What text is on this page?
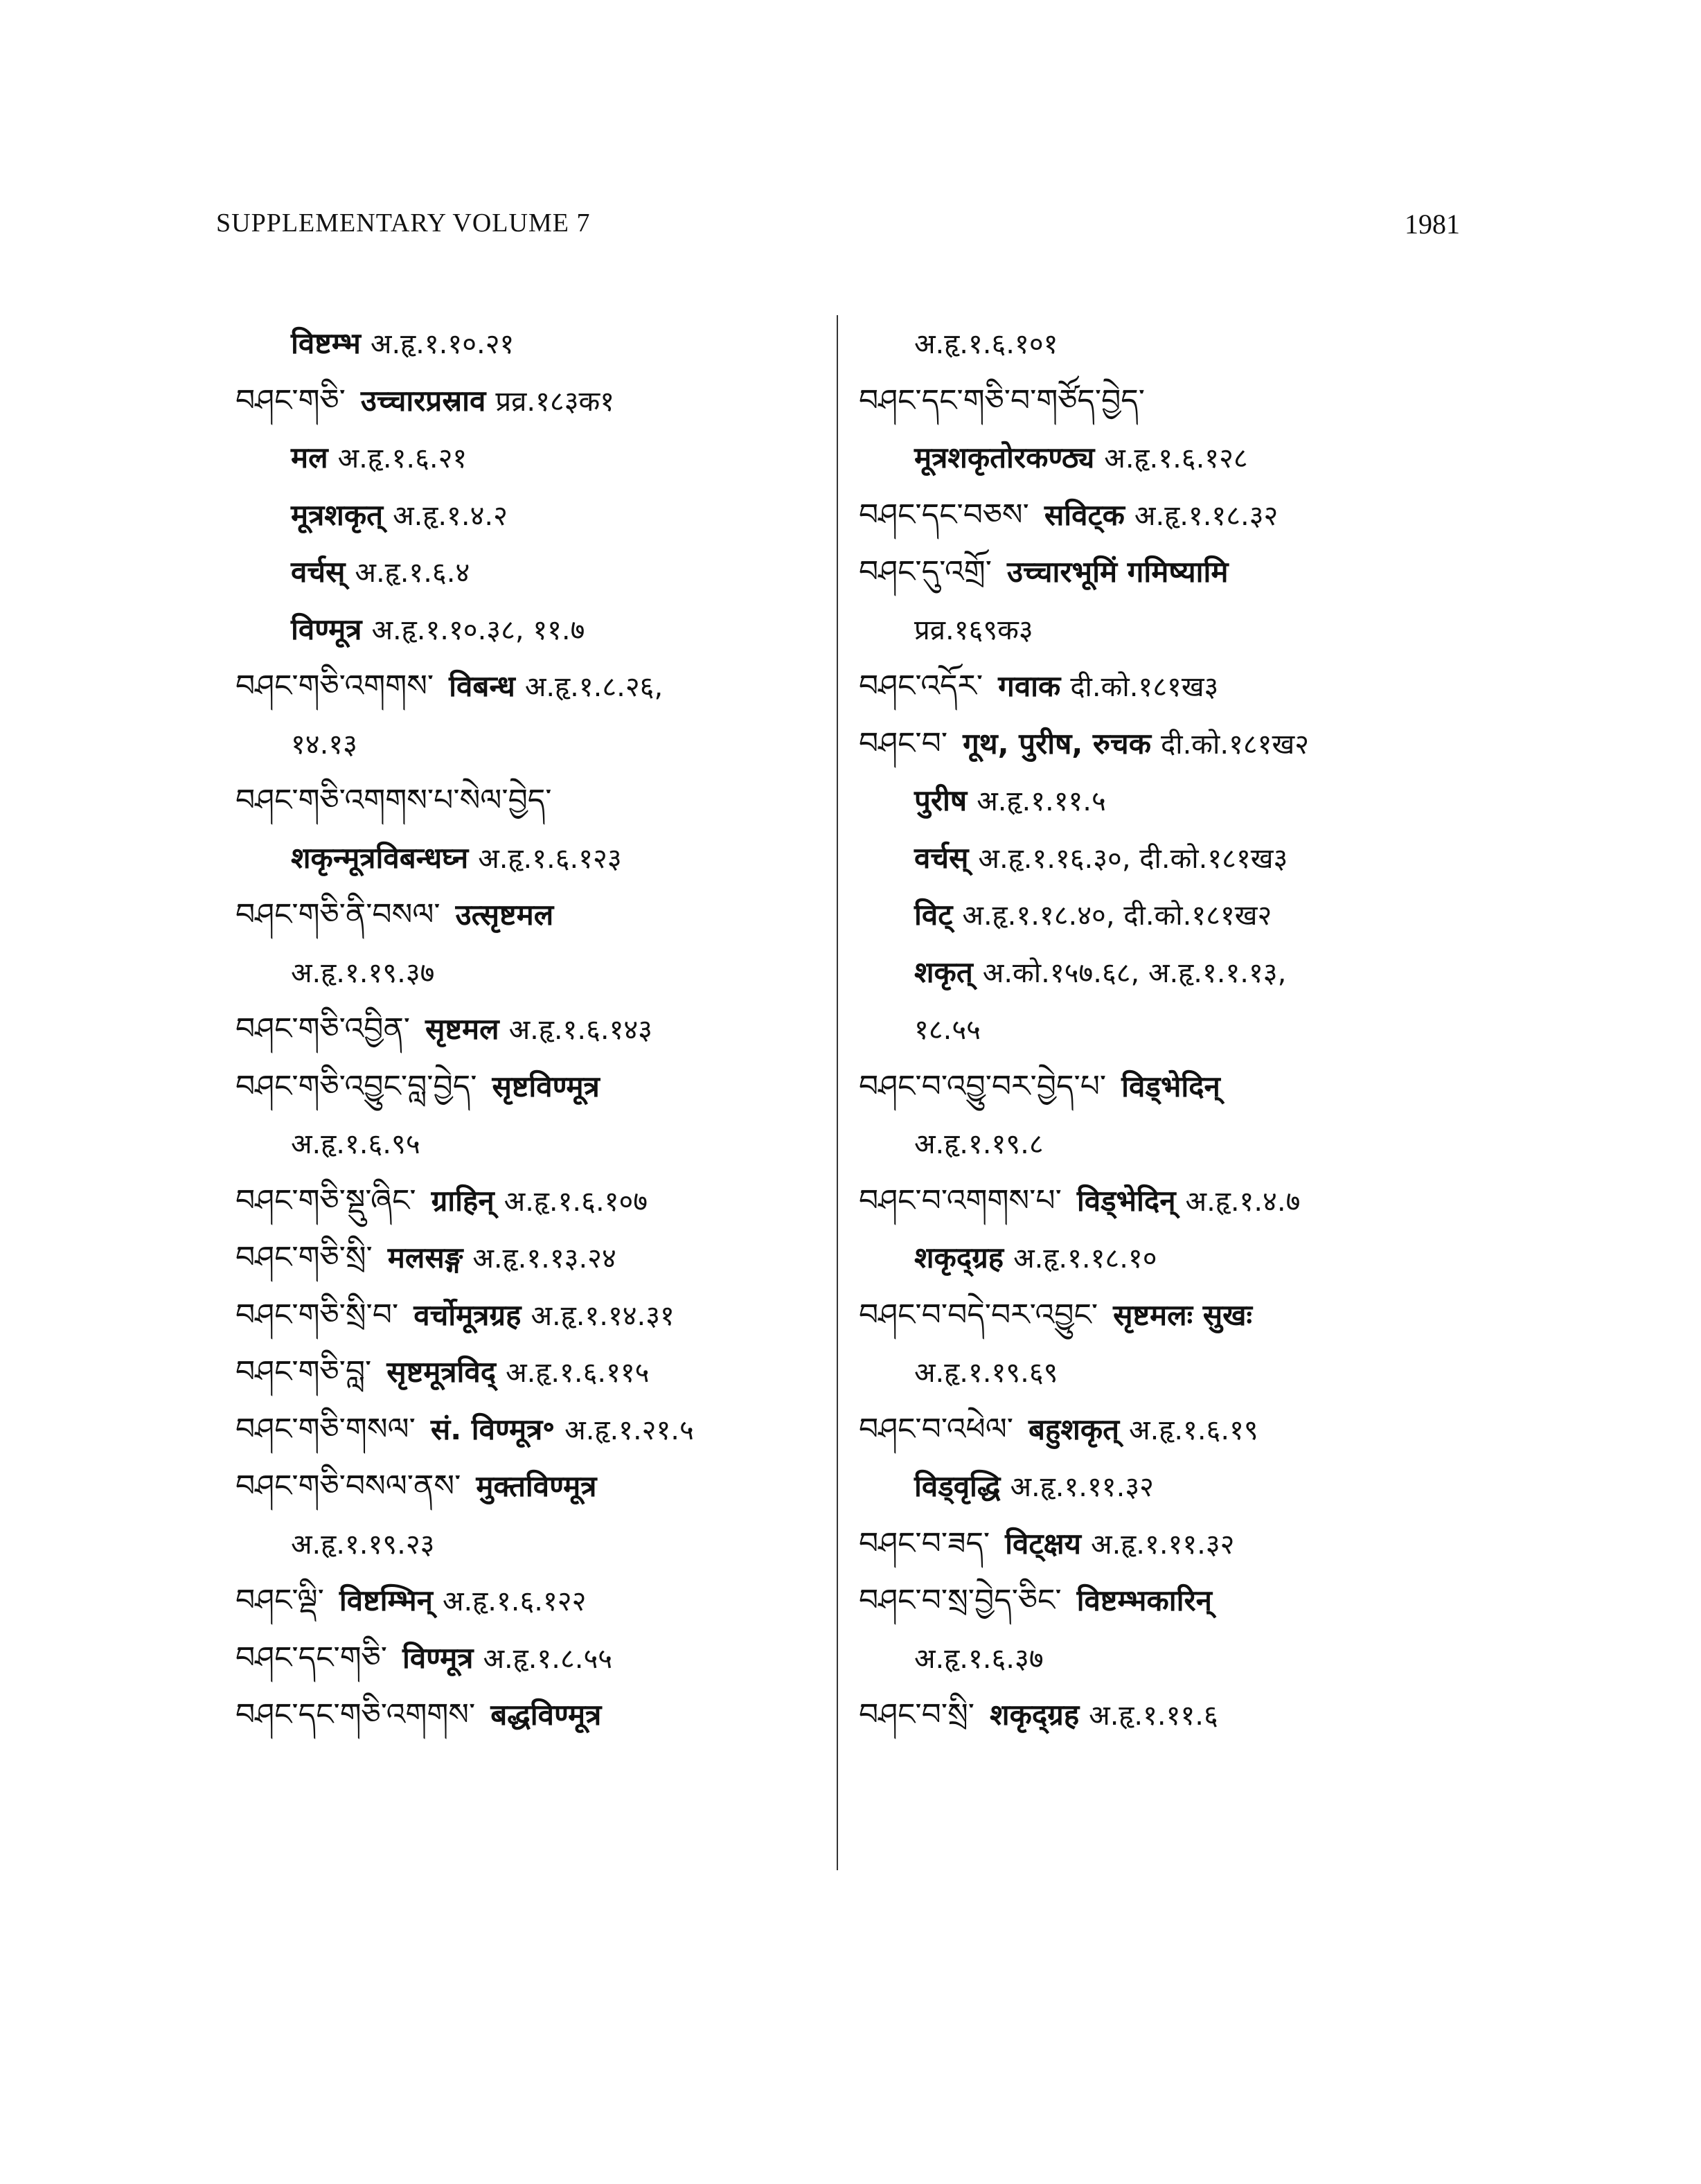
SUPPLEMENTARY VOLUME 7	1981
विष्टम्भ अ.हृ.१.१०.२१
བཤང་གཅི་ उच्चारप्रस्राव प्रव्र.१८३क१
मल अ.हृ.१.६.२१
मूत्रशकृत् अ.हृ.१.४.२
वर्चस् अ.हृ.१.६.४
विण्मूत्र अ.हृ.१.१०.३८, ११.७
བཤང་གཅི་འགགས་ विबन्ध अ.हृ.१.८.२६,
१४.१३
བཤང་གཅི་འགགས་པ་སེལ་བྱེད་
शकृन्मूत्रविबन्धघ्न अ.हृ.१.६.१२३
བཤང་གཅི་ནི་བསལ་ उत्सृष्टमल
अ.हृ.१.१९.३७
བཤང་གཅི་འབྱིན་ सृष्टमल अ.हृ.१.६.१४३
བཤང་གཅི་འབྱུང་བླ་བྱེད་ सृष्टविण्मूत्र
अ.हृ.१.६.९५
བཤང་གཅི་སྡུ་ཞིང་ ग्राहिन् अ.हृ.१.६.१०७
བཤང་གཅི་སྲི་ मलसङ्ग अ.हृ.१.१३.२४
བཤང་གཅི་སྲི་བ་ वर्चोमूत्रग्रह अ.हृ.१.१४.३१
བཤང་གཅི་བླ་ सृष्टमूत्रविद् अ.हृ.१.६.११५
བཤང་གཅི་གསལ་ सं. विण्मूत्र॰ अ.हृ.१.२१.५
བཤང་གཅི་བསལ་ནས་ मुक्तविण्मूत्र
अ.हृ.१.१९.२३
བཤང་ལྡི་ विष्टम्भिन् अ.हृ.१.६.१२२
བཤང་དང་གཅི་ विण्मूत्र अ.हृ.१.८.५५
བཤང་དང་གཅི་འགགས་ बद्धविण्मूत्र
अ.हृ.१.६.१०१
བཤང་དང་གཅི་བ་གཙོད་བྱེད་
मूत्रशकृतोरकण्ठ्य अ.हृ.१.६.१२८
བཤང་དང་བཅས་ सविट्क अ.हृ.१.१८.३२
བཤང་དུ་འགྲོ་ उच्चारभूमिं गमिष्यामि
प्रव्र.१६९क३
བཤང་འདོར་ गवाक दी.को.१८१ख३
བཤང་བ་ गूथ, पुरीष, रुचक दी.को.१८१ख२
पुरीष अ.हृ.१.११.५
वर्चस् अ.हृ.१.१६.३०, दी.को.१८१ख३
विट् अ.हृ.१.१८.४०, दी.को.१८१ख२
शकृत् अ.को.१५७.६८, अ.हृ.१.१.१३,
१८.५५
བཤང་བ་འབྱུ་བར་བྱེད་པ་ विड्भेदिन्
अ.हृ.१.१९.८
བཤང་བ་འགགས་པ་ विड्भेदिन् अ.हृ.१.४.७
शकृद्ग्रह अ.हृ.१.१८.१०
བཤང་བ་བདེ་བར་འབྱུང་ सृष्टमलः सुखः
अ.हृ.१.१९.६९
བཤང་བ་འཕེལ་ बहुशकृत् अ.हृ.१.६.१९
विड्वृद्धि अ.हृ.१.११.३२
བཤང་བ་ཟད་ विट्क्षय अ.हृ.१.११.३२
བཤང་བ་སྲ་བྱེད་ཅིང་ विष्टम्भकारिन्
अ.हृ.१.६.३७
བཤང་བ་སྲི་ शकृद्ग्रह अ.हृ.१.११.६
